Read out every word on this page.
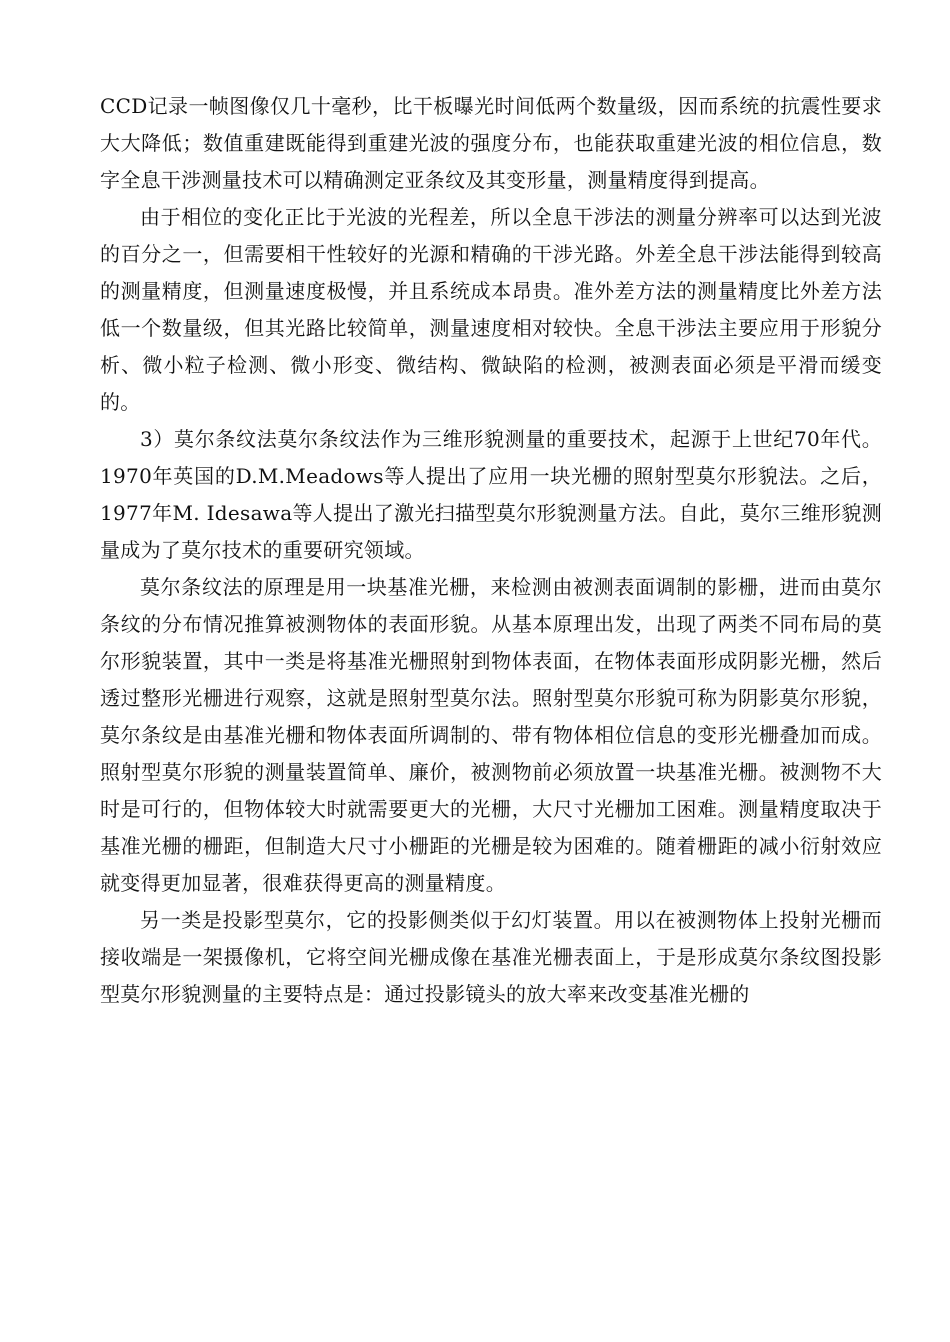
CCD记录一帧图像仅几十毫秒，比干板曝光时间低两个数量级，因而系统的抗震性要求大大降低；数值重建既能得到重建光波的强度分布，也能获取重建光波的相位信息，数字全息干涉测量技术可以精确测定亚条纹及其变形量，测量精度得到提高。

由于相位的变化正比于光波的光程差，所以全息干涉法的测量分辨率可以达到光波的百分之一，但需要相干性较好的光源和精确的干涉光路。外差全息干涉法能得到较高的测量精度，但测量速度极慢，并且系统成本昂贵。准外差方法的测量精度比外差方法低一个数量级，但其光路比较简单，测量速度相对较快。全息干涉法主要应用于形貌分析、微小粒子检测、微小形变、微结构、微缺陷的检测，被测表面必须是平滑而缓变的。

3）莫尔条纹法莫尔条纹法作为三维形貌测量的重要技术，起源于上世纪70年代。1970年英国的D.M.Meadows等人提出了应用一块光栅的照射型莫尔形貌法。之后，1977年M. Idesawa等人提出了激光扫描型莫尔形貌测量方法。自此，莫尔三维形貌测量成为了莫尔技术的重要研究领域。

莫尔条纹法的原理是用一块基准光栅，来检测由被测表面调制的影栅，进而由莫尔条纹的分布情况推算被测物体的表面形貌。从基本原理出发，出现了两类不同布局的莫尔形貌装置，其中一类是将基准光栅照射到物体表面，在物体表面形成阴影光栅，然后透过整形光栅进行观察，这就是照射型莫尔法。照射型莫尔形貌可称为阴影莫尔形貌，莫尔条纹是由基准光栅和物体表面所调制的、带有物体相位信息的变形光栅叠加而成。照射型莫尔形貌的测量装置简单、廉价，被测物前必须放置一块基准光栅。被测物不大时是可行的，但物体较大时就需要更大的光栅，大尺寸光栅加工困难。测量精度取决于基准光栅的栅距，但制造大尺寸小栅距的光栅是较为困难的。随着栅距的减小衍射效应就变得更加显著，很难获得更高的测量精度。

另一类是投影型莫尔，它的投影侧类似于幻灯装置。用以在被测物体上投射光栅而接收端是一架摄像机，它将空间光栅成像在基准光栅表面上，于是形成莫尔条纹图投影型莫尔形貌测量的主要特点是：通过投影镜头的放大率来改变基准光栅的
